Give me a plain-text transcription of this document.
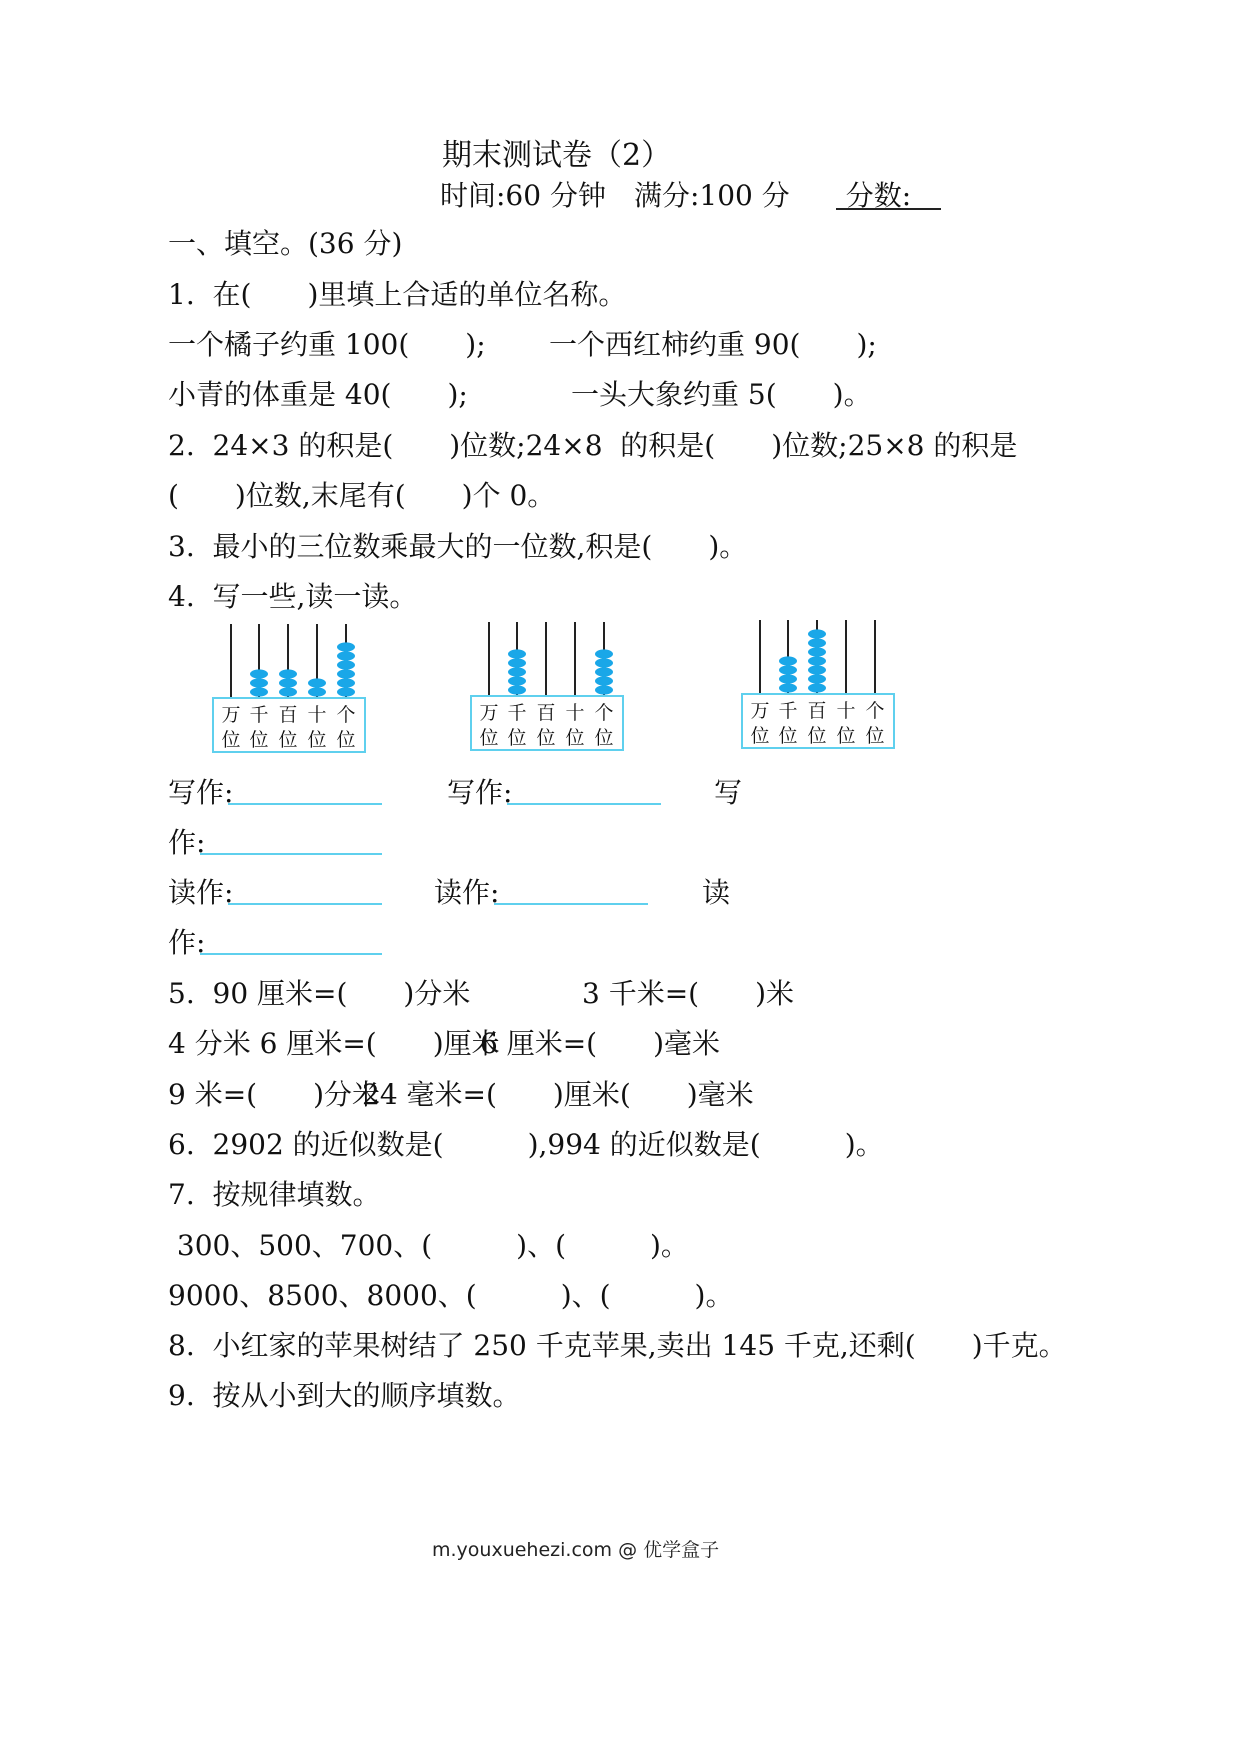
期末测试卷（2）
时间:60 分钟　满分:100 分　　分数:
一、填空。(36 分)
1.  在(　　)里填上合适的单位名称。
一个橘子约重 100(　　); 一个西红柿约重 90(　　);
小青的体重是 40(　　);	一头大象约重 5(　　)。
2.  24×3 的积是(　　)位数;24×8  的积是(　　)位数;25×8 的积是
(　　)位数,末尾有(　　)个 0。
3.  最小的三位数乘最大的一位数,积是(　　)。
4.  写一些,读一读。
万
位
千
位
百
位
十
位
个
位
万
位
千
位
百
位
十
位
个
位
万
位
千
位
百
位
十
位
个
位
写作:	写作:	写
作:
读作:	读作:	读
作:
5.  90 厘米=(　　)分米	3 千米=(　　)米
4 分米 6 厘米=(　　)厘米
6 厘米=(　　)毫米
9 米=(　　)分米
24 毫米=(　　)厘米(　　)毫米
6.  2902 的近似数是(　　　),994 的近似数是(　　　)。
7.  按规律填数。
300、500、700、(　　　)、(　　　)。
9000、8500、8000、(　　　)、(　　　)。
8.  小红家的苹果树结了 250 千克苹果,卖出 145 千克,还剩(　　)千克。
9.  按从小到大的顺序填数。
m.youxuehezi.com @ 优学盒子
